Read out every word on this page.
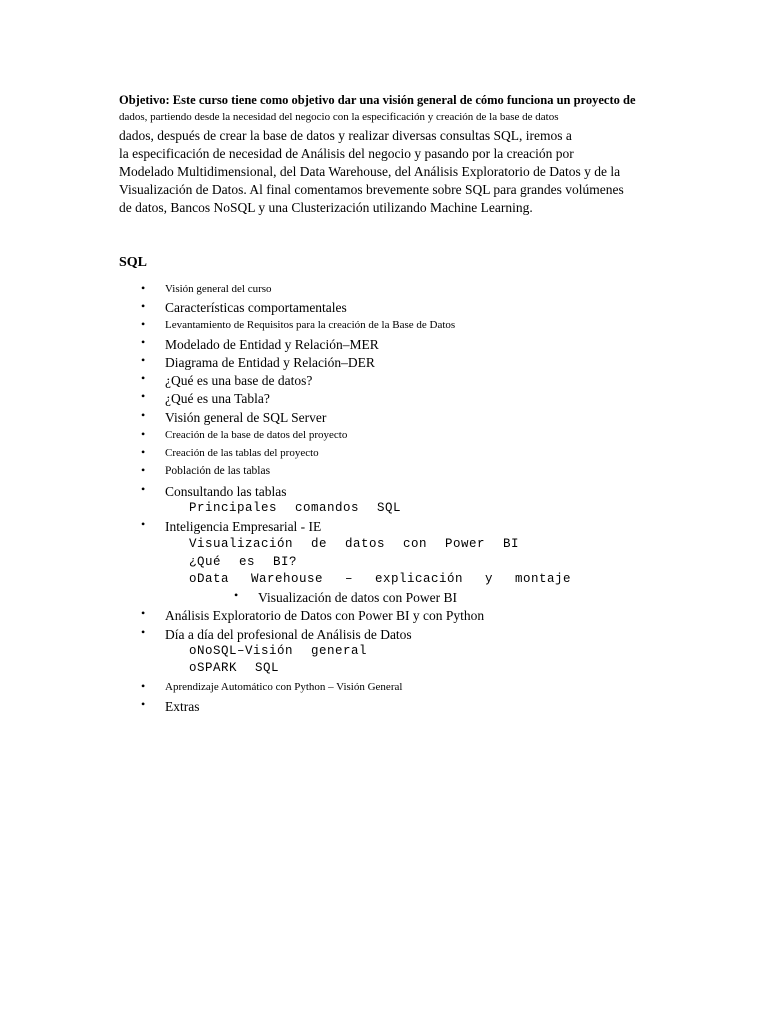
Objetivo: Este curso tiene como objetivo dar una visión general de cómo funciona un proyecto de
dados, partiendo desde la necesidad del negocio con la especificación y creación de la base de datos
dados, después de crear la base de datos y realizar diversas consultas SQL, iremos a
la especificación de necesidad de Análisis del negocio y pasando por la creación por
Modelado Multidimensional, del Data Warehouse, del Análisis Exploratorio de Datos y de la
Visualización de Datos. Al final comentamos brevemente sobre SQL para grandes volúmenes
de datos, Bancos NoSQL y una Clusterización utilizando Machine Learning.
SQL
• Visión general del curso
• Características comportamentales
• Levantamiento de Requisitos para la creación de la Base de Datos
• Modelado de Entidad y Relación–MER
• Diagrama de Entidad y Relación–DER
• ¿Qué es una base de datos?
• ¿Qué es una Tabla?
• Visión general de SQL Server
• Creación de la base de datos del proyecto
• Creación de las tablas del proyecto
• Población de las tablas
• Consultando las tablas
Principales comandos SQL
• Inteligencia Empresarial - IE
Visualización de datos con Power BI
¿Qué es BI?
oData Warehouse – explicación y montaje
• Visualización de datos con Power BI
• Análisis Exploratorio de Datos con Power BI y con Python
• Día a día del profesional de Análisis de Datos
oNoSQL–Visión general
oSPARK SQL
• Aprendizaje Automático con Python – Visión General
• Extras
